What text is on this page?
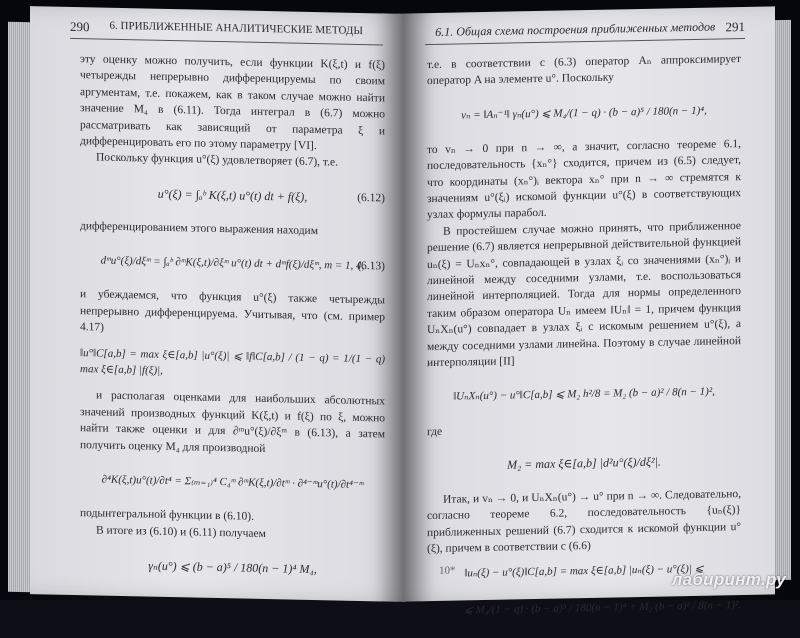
290 6. ПРИБЛИЖЕННЫЕ АНАЛИТИЧЕСКИЕ МЕТОДЫ

эту оценку можно получить, если функции K(ξ,t) и f(ξ) четырежды непрерывно дифференцируемы по своим аргументам, т.е. покажем, как в таком случае можно найти значение M₄ в (6.11). Тогда интеграл в (6.7) можно рассматривать как зависящий от параметра ξ и дифференцировать его по этому параметру [VI].

Поскольку функция u°(ξ) удовлетворяет (6.7), т.е.

u°(ξ) = ∫ₐᵇ K(ξ,t) u°(t) dt + f(ξ),	(6.12)

дифференцированием этого выражения находим

dᵐu°(ξ)/dξᵐ = ∫ₐᵇ ∂ᵐK(ξ,t)/∂ξᵐ u°(t) dt + dᵐf(ξ)/dξᵐ, m = 1, 4,
(6.13)

и убеждаемся, что функция u°(ξ) также четырежды непрерывно дифференцируема. Учитывая, что (см. пример 4.17)

‖u°‖C[a,b] = max ξ∈[a,b] |u°(ξ)| ⩽ ‖f‖C[a,b] / (1 − q) = 1/(1 − q) max ξ∈[a,b] |f(ξ)|,

и располагая оценками для наибольших абсолютных значений производных функций K(ξ,t) и f(ξ) по ξ, можно найти также оценки и для ∂ᵐu°(ξ)/∂ξᵐ в (6.13), а затем получить оценку M₄ для производной

∂⁴K(ξ,t)u°(t)/∂t⁴ = Σ₍ₘ₌₁₎⁴ C₄ᵐ ∂ᵐK(ξ,t)/∂tᵐ · ∂⁴⁻ᵐu°(t)/∂t⁴⁻ᵐ

подынтегральной функции в (6.10).

В итоге из (6.10) и (6.11) получаем

γₙ(u°) ⩽ (b − a)⁵ / 180(n − 1)⁴ M₄,
6.1. Общая схема построения приближенных методов 291

т.е. в соответствии с (6.3) оператор Aₙ аппроксимирует оператор A на элементе u°. Поскольку

vₙ = ‖Aₙ⁻¹‖ γₙ(u°) ⩽ M₄/(1 − q) · (b − a)⁵ / 180(n − 1)⁴,

то vₙ → 0 при n → ∞, а значит, согласно теореме 6.1, последовательность {xₙ°} сходится, причем из (6.5) следует, что координаты (xₙ°)ᵢ вектора xₙ° при n → ∞ стремятся к значениям u°(ξᵢ) искомой функции u°(ξ) в соответствующих узлах формулы парабол.

В простейшем случае можно принять, что приближенное решение (6.7) является непрерывной действительной функцией uₙ(ξ) = Uₙxₙ°, совпадающей в узлах ξᵢ со значениями (xₙ°)ᵢ и линейной между соседними узлами, т.е. воспользоваться линейной интерполяцией. Тогда для нормы определенного таким образом оператора Uₙ имеем ‖Uₙ‖ = 1, причем функция UₙXₙ(u°) совпадает в узлах ξᵢ с искомым решением u°(ξ), а между соседними узлами линейна. Поэтому в случае линейной интерполяции [II]

‖UₙXₙ(u°) − u°‖C[a,b] ⩽ M₂ h²/8 = M₂ (b − a)² / 8(n − 1)²,

где

M₂ = max ξ∈[a,b] |d²u°(ξ)/dξ²|.

Итак, и vₙ → 0, и UₙXₙ(u°) → u° при n → ∞. Следовательно, согласно теореме 6.2, последовательность {uₙ(ξ)} приближенных решений (6.7) сходится к искомой функции u°(ξ), причем в соответствии с (6.6)

‖uₙ(ξ) − u°(ξ)‖C[a,b] = max ξ∈[a,b] |uₙ(ξ) − u°(ξ)| ⩽
⩽ M₄/(1 − q) · (b − a)⁵ / 180(n − 1)⁴ + M₂ (b − a)² / 8(n − 1)².
10*	лабиринт.ру
